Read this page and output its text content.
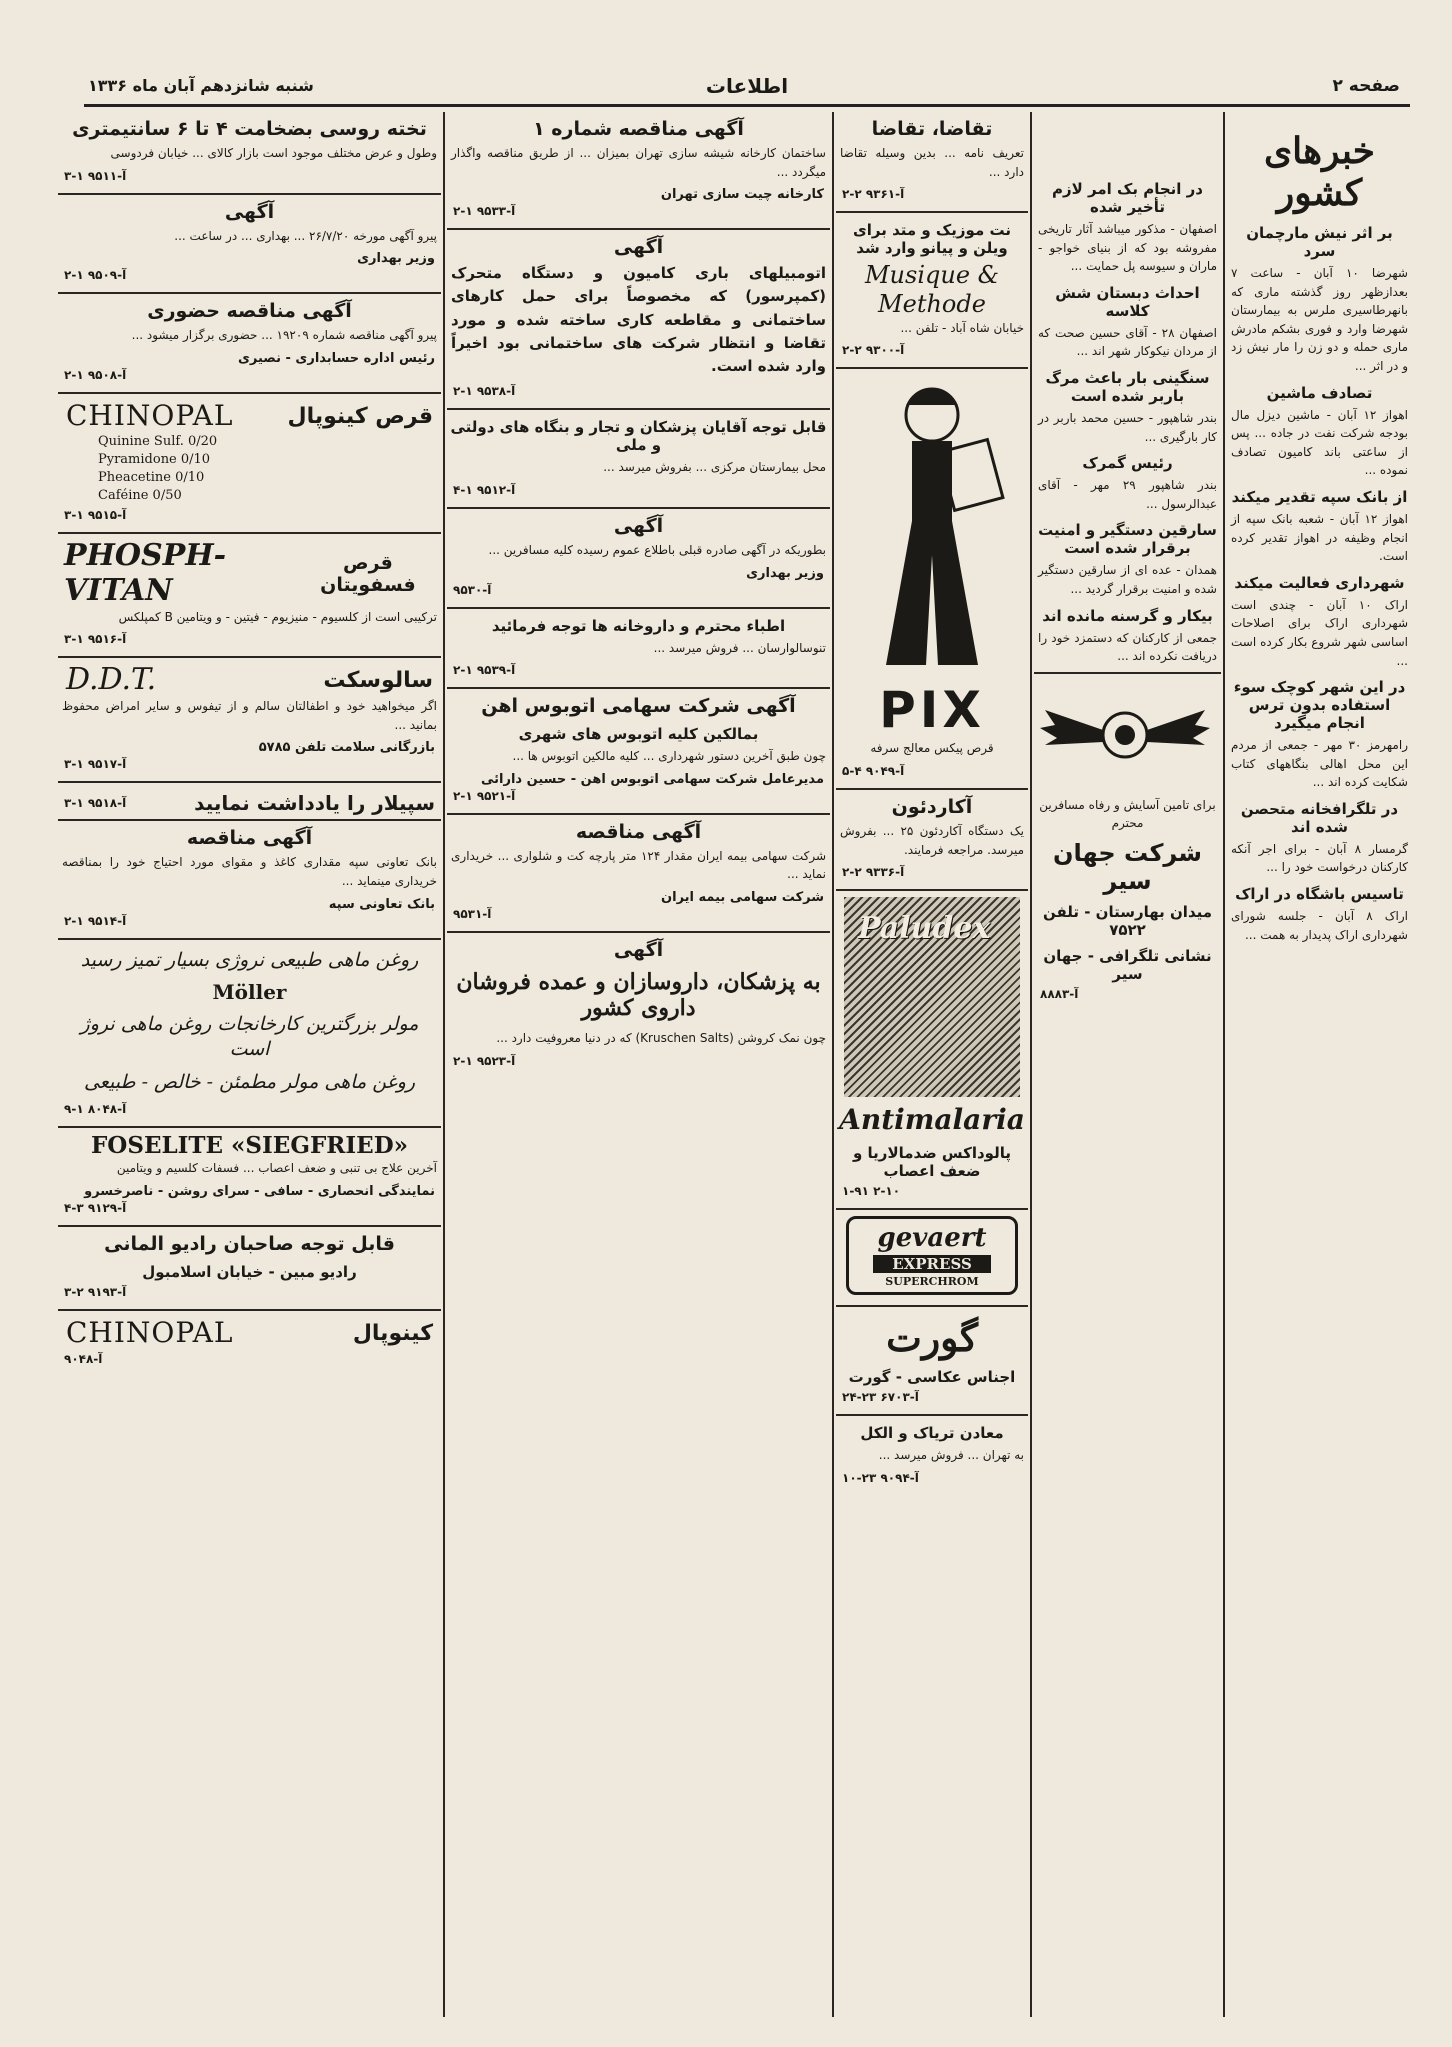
صفحه ۲
اطلاعات
شنبه شانزدهم آبان ماه ۱۳۳۶
خبرهای کشور
بر اثر نیش مارچمان سرد
شهرضا ۱۰ آبان - ساعت ۷ بعدازظهر روز گذشته ماری که بانهرطاسیری ملرس به بیمارستان شهرضا وارد و فوری بشکم مادرش ماری حمله و دو زن را مار نیش زد و در اثر ...
تصادف ماشین
اهواز ۱۲ آبان - ماشین دیزل مال بودجه شرکت نفت در جاده ... پس از ساعتی باند کامیون تصادف نموده ...
از بانک سپه تقدیر میکند
اهواز ۱۲ آبان - شعبه بانک سپه از انجام وظیفه در اهواز تقدیر کرده است.
شهرداری فعالیت میکند
اراک ۱۰ آبان - چندی است شهرداری اراک برای اصلاحات اساسی شهر شروع بکار کرده است ...
در این شهر کوچک سوء استفاده بدون ترس انجام میگیرد
رامهرمز ۳۰ مهر - جمعی از مردم این محل اهالی بنگاههای کتاب شکایت کرده اند ...
در تلگرافخانه متحصن شده اند
گرمسار ۸ آبان - برای اجر آنکه کارکنان درخواست خود را ...
تاسیس باشگاه در اراک
اراک ۸ آبان - جلسه شورای شهرداری اراک پدیدار به همت ...
در انجام بک امر لازم تأخیر شده
اصفهان - مذکور میباشد آثار تاریخی مفروشه بود که از بنیای خواجو - ماران و سیوسه پل حمایت ...
احداث دبستان شش کلاسه
اصفهان ۲۸ - آقای حسین صحت که از مردان نیکوکار شهر اند ...
سنگینی بار باعث مرگ باربر شده است
بندر شاهپور - حسین محمد باربر در کار بارگیری ...
رئیس گمرک
بندر شاهپور ۲۹ مهر - آقای عبدالرسول ...
سارقین دستگیر و امنیت برقرار شده است
همدان - عده ای از سارقین دستگیر شده و امنیت برقرار گردید ...
بیکار و گرسنه مانده اند
جمعی از کارکنان که دستمزد خود را دریافت نکرده اند ...
برای تامین آسایش و رفاه مسافرین محترم
شرکت جهان سیر
میدان بهارستان - تلفن ۷۵۲۲
نشانی تلگرافی - جهان سیر
آ-۸۸۸۳
تقاضا، تقاضا
تعریف نامه ... بدین وسیله تقاضا دارد ...
آ-۹۳۶۱ ۲-۲
نت موزیک و متد برای ویلن و پیانو وارد شد
Musique & Methode
خیابان شاه آباد - تلفن ...
آ-۹۳۰۰ ۲-۲
PIX
قرص پیکس معالج سرفه
آ-۹۰۴۹ ۴-۵
آکاردئون
یک دستگاه آکاردئون ۲۵ ... بفروش میرسد. مراجعه فرمایند.
آ-۹۳۳۶ ۲-۲
Paludex
Antimalaria
پالوداکس ضدمالاریا و ضعف اعصاب
۱-۹۱ ۲-۱۰
gevaert
EXPRESS
SUPERCHROM
گورت
اجناس عکاسی - گورت
آ-۶۷۰۳ ۲۳-۲۴
معادن تریاک و الکل
به تهران ... فروش میرسد ...
آ-۹۰۹۴ ۲۳-۱۰
آگهی مناقصه شماره ۱
ساختمان کارخانه شیشه سازی تهران بمیزان ... از طریق مناقصه واگذار میگردد ...
کارخانه چیت سازی تهران
آ-۹۵۳۳ ۱-۲
آگهی
اتومبیلهای باری کامیون و دستگاه متحرک (کمپرسور) که مخصوصاً برای حمل کارهای ساختمانی و مقاطعه کاری ساخته شده و مورد تقاضا و انتظار شرکت های ساختمانی بود اخیراً وارد شده است.
آ-۹۵۳۸ ۱-۲
قابل توجه آقایان پزشکان و تجار و بنگاه های دولتی و ملی
محل بیمارستان مرکزی ... بفروش میرسد ...
آ-۹۵۱۲ ۱-۴
آگهی
بطوریکه در آگهی صادره قبلی باطلاع عموم رسیده کلیه مسافرین ...
وزیر بهداری
آ-۹۵۳۰
اطباء محترم و داروخانه ها توجه فرمائید
تنوسالوارسان ... فروش میرسد ...
آ-۹۵۳۹ ۱-۲
آگهی شرکت سهامی اتوبوس اهن
بمالکین کلیه اتوبوس های شهری
چون طبق آخرین دستور شهرداری ... کلیه مالکین اتوبوس ها ...
مدیرعامل شرکت سهامی اتوبوس اهن - حسین دارائی
آ-۹۵۲۱ ۱-۲
آگهی مناقصه
شرکت سهامی بیمه ایران مقدار ۱۲۴ متر پارچه کت و شلواری ... خریداری نماید ...
شرکت سهامی بیمه ایران
آ-۹۵۳۱
آگهی
به پزشکان، داروسازان و عمده فروشان داروی کشور
چون نمک کروشن (Kruschen Salts) که در دنیا معروفیت دارد ...
آ-۹۵۲۳ ۱-۲
تخته روسی بضخامت ۴ تا ۶ سانتیمتری
وطول و عرض مختلف موجود است بازار کالای ... خیابان فردوسی
آ-۹۵۱۱ ۱-۳
آگهی
پیرو آگهی مورخه ۲۶/۷/۲۰ ... بهداری ... در ساعت ...
وزیر بهداری
آ-۹۵۰۹ ۱-۲
آگهی مناقصه حضوری
پیرو آگهی مناقصه شماره ۱۹۲۰۹ ... حضوری برگزار میشود ...
رئیس اداره حسابداری - نصیری
آ-۹۵۰۸ ۱-۲
قرص کینوپال
CHINOPAL
Quinine Sulf. 0/20
Pyramidone 0/10
Pheacetine 0/10
Caféine 0/50
آ-۹۵۱۵ ۱-۳
قرص فسفویتان
PHOSPH-VITAN
ترکیبی است از کلسیوم - منیزیوم - فیتین - و ویتامین B کمپلکس
آ-۹۵۱۶ ۱-۳
سالوسکت
D.D.T.
اگر میخواهید خود و اطفالتان سالم و از تیفوس و سایر امراض محفوظ بمانید ...
بازرگانی سلامت تلفن ۵۷۸۵
آ-۹۵۱۷ ۱-۳
سپیلار را یادداشت نمایید
آ-۹۵۱۸ ۱-۳
آگهی مناقصه
بانک تعاونی سپه مقداری کاغذ و مقوای مورد احتیاج خود را بمناقصه خریداری مینماید ...
بانک تعاونی سپه
آ-۹۵۱۴ ۱-۲
روغن ماهی طبیعی نروژی بسیار تمیز رسید
Möller
مولر بزرگترین کارخانجات روغن ماهی نروژ است
روغن ماهی مولر مطمئن - خالص - طبیعی
آ-۸۰۴۸ ۱-۹
FOSELITE «SIEGFRIED»
آخرین علاج بی تنبی و ضعف اعصاب ... فسفات کلسیم و ویتامین
نمایندگی انحصاری - سافی - سرای روشن - ناصرخسرو
آ-۹۱۲۹ ۳-۴
قابل توجه صاحبان رادیو المانی
رادیو مبین - خیابان اسلامبول
آ-۹۱۹۳ ۲-۳
کینوپال
CHINOPAL
آ-۹۰۴۸
